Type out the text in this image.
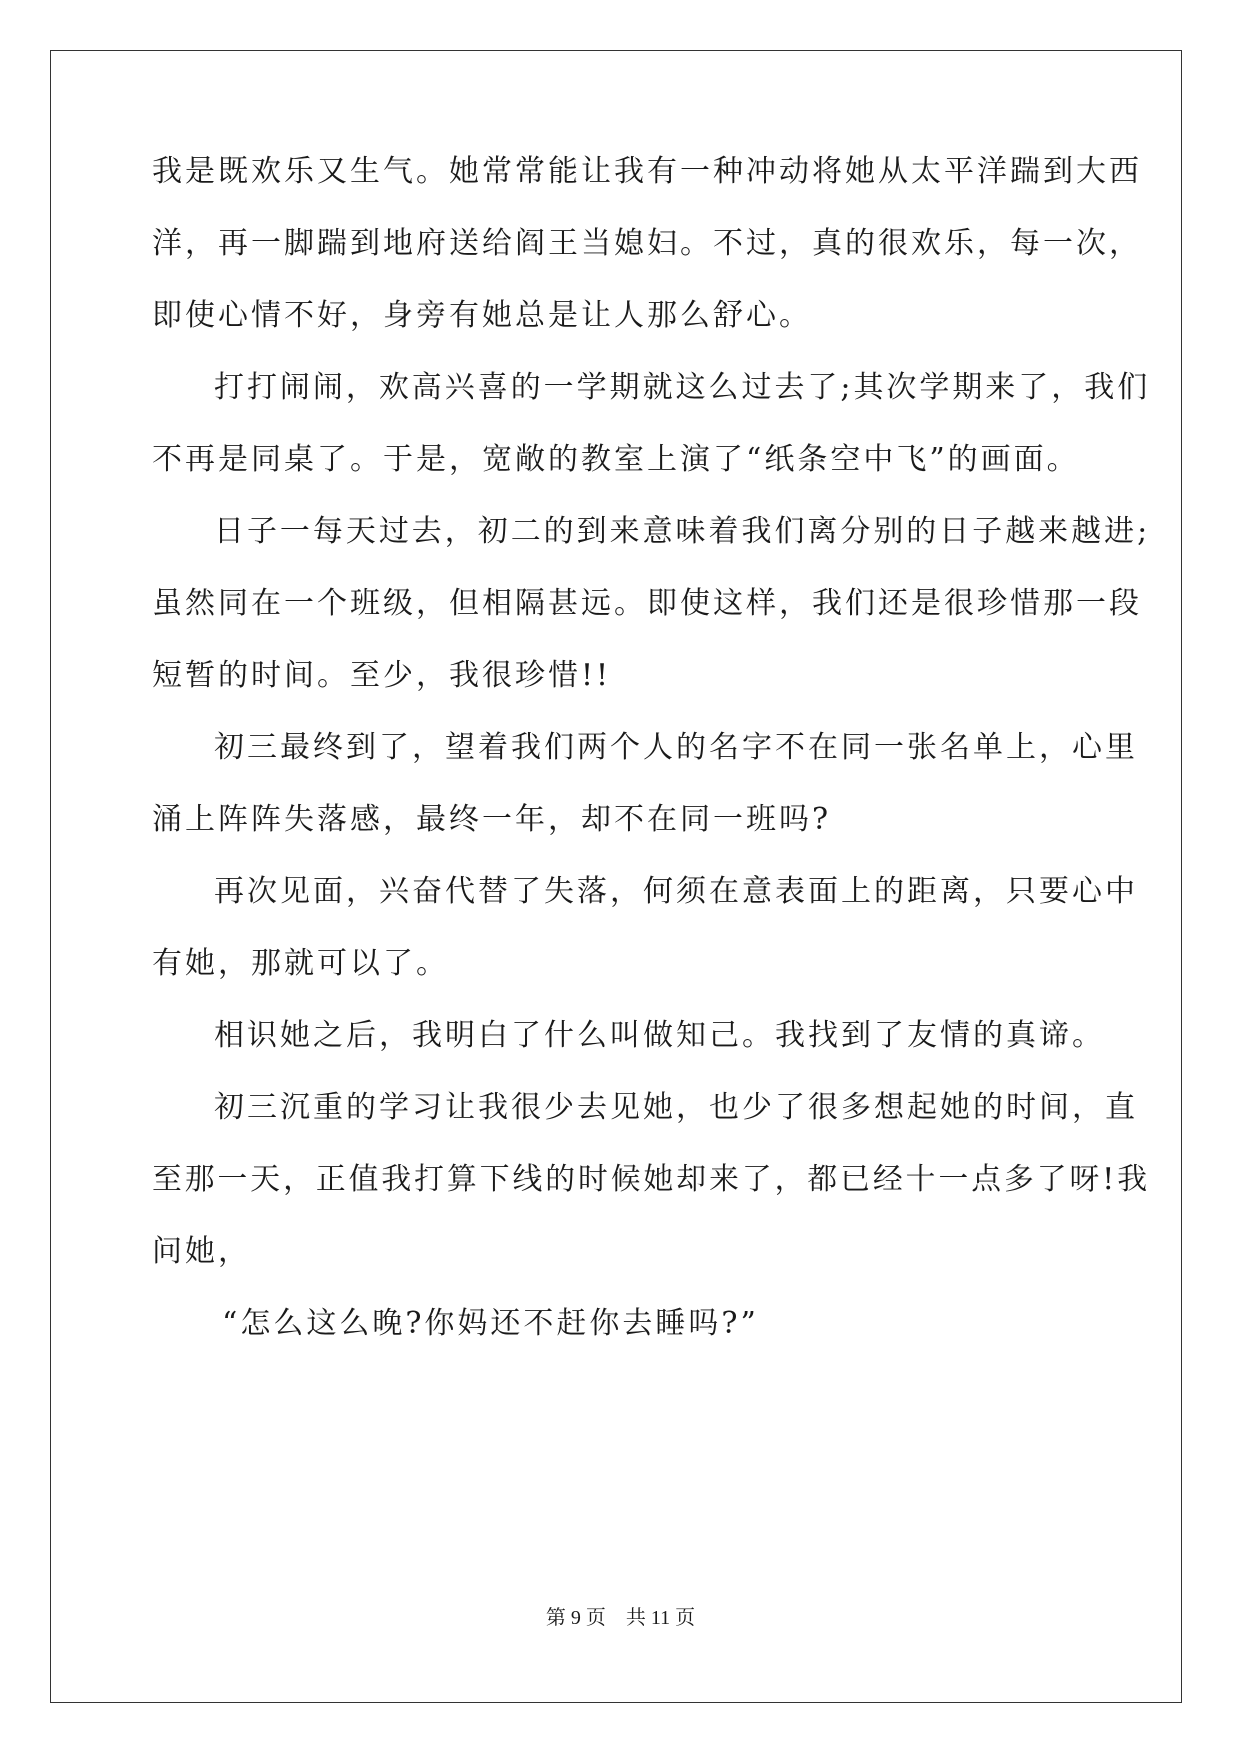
我是既欢乐又生气。她常常能让我有一种冲动将她从太平洋踹到大西
洋，再一脚踹到地府送给阎王当媳妇。不过，真的很欢乐，每一次，
即使心情不好，身旁有她总是让人那么舒心。
打打闹闹，欢高兴喜的一学期就这么过去了;其次学期来了，我们
不再是同桌了。于是，宽敞的教室上演了“纸条空中飞”的画面。
日子一每天过去，初二的到来意味着我们离分别的日子越来越进;
虽然同在一个班级，但相隔甚远。即使这样，我们还是很珍惜那一段
短暂的时间。至少，我很珍惜!!
初三最终到了，望着我们两个人的名字不在同一张名单上，心里
涌上阵阵失落感，最终一年，却不在同一班吗?
再次见面，兴奋代替了失落，何须在意表面上的距离，只要心中
有她，那就可以了。
相识她之后，我明白了什么叫做知己。我找到了友情的真谛。
初三沉重的学习让我很少去见她，也少了很多想起她的时间，直
至那一天，正值我打算下线的时候她却来了，都已经十一点多了呀!我
问她，
“怎么这么晚?你妈还不赶你去睡吗?”
第 9 页　共 11 页
